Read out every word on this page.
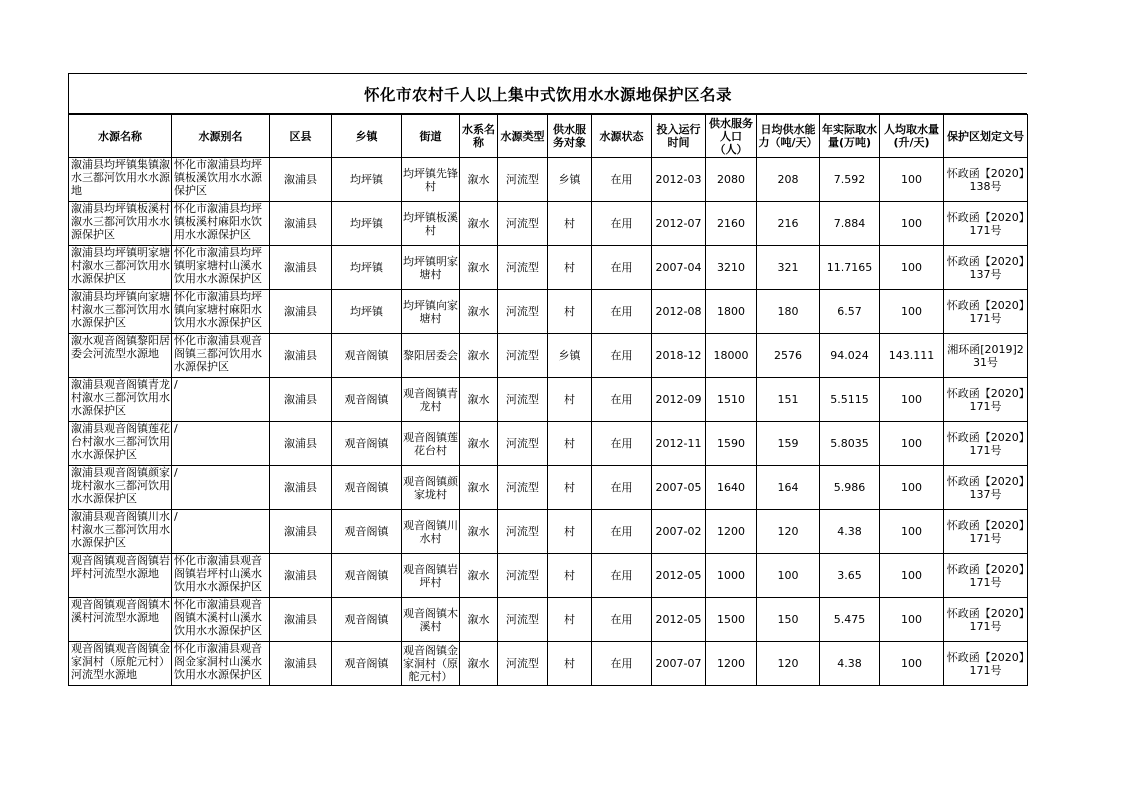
怀化市农村千人以上集中式饮用水水源地保护区名录
水源名称	水源别名	区县	乡镇	街道	水系名称	水源类型	供水服务对象	水源状态	投入运行时间	供水服务人口（人）	日均供水能力（吨/天）	年实际取水量(万吨)	人均取水量(升/天)	保护区划定文号
溆浦县均坪镇集镇溆水三都河饮用水水源地	怀化市溆浦县均坪镇板溪饮用水水源保护区	溆浦县	均坪镇	均坪镇先锋村	溆水	河流型	乡镇	在用	2012-03	2080	208	7.592	100	怀政函【2020】138号
溆浦县均坪镇板溪村溆水三都河饮用水水源保护区	怀化市溆浦县均坪镇板溪村麻阳水饮用水水源保护区	溆浦县	均坪镇	均坪镇板溪村	溆水	河流型	村	在用	2012-07	2160	216	7.884	100	怀政函【2020】171号
溆浦县均坪镇明家塘村溆水三都河饮用水水源保护区	怀化市溆浦县均坪镇明家塘村山溪水饮用水水源保护区	溆浦县	均坪镇	均坪镇明家塘村	溆水	河流型	村	在用	2007-04	3210	321	11.7165	100	怀政函【2020】137号
溆浦县均坪镇向家塘村溆水三都河饮用水水源保护区	怀化市溆浦县均坪镇向家塘村麻阳水饮用水水源保护区	溆浦县	均坪镇	均坪镇向家塘村	溆水	河流型	村	在用	2012-08	1800	180	6.57	100	怀政函【2020】171号
溆水观音阁镇黎阳居委会河流型水源地	怀化市溆浦县观音阁镇三都河饮用水水源保护区	溆浦县	观音阁镇	黎阳居委会	溆水	河流型	乡镇	在用	2018-12	18000	2576	94.024	143.111	湘环函[2019]231号
溆浦县观音阁镇青龙村溆水三都河饮用水水源保护区	/	溆浦县	观音阁镇	观音阁镇青龙村	溆水	河流型	村	在用	2012-09	1510	151	5.5115	100	怀政函【2020】171号
溆浦县观音阁镇莲花台村溆水三都河饮用水水源保护区	/	溆浦县	观音阁镇	观音阁镇莲花台村	溆水	河流型	村	在用	2012-11	1590	159	5.8035	100	怀政函【2020】171号
溆浦县观音阁镇颜家垅村溆水三都河饮用水水源保护区	/	溆浦县	观音阁镇	观音阁镇颜家垅村	溆水	河流型	村	在用	2007-05	1640	164	5.986	100	怀政函【2020】137号
溆浦县观音阁镇川水村溆水三都河饮用水水源保护区	/	溆浦县	观音阁镇	观音阁镇川水村	溆水	河流型	村	在用	2007-02	1200	120	4.38	100	怀政函【2020】171号
观音阁镇观音阁镇岩坪村河流型水源地	怀化市溆浦县观音阁镇岩坪村山溪水饮用水水源保护区	溆浦县	观音阁镇	观音阁镇岩坪村	溆水	河流型	村	在用	2012-05	1000	100	3.65	100	怀政函【2020】171号
观音阁镇观音阁镇木溪村河流型水源地	怀化市溆浦县观音阁镇木溪村山溪水饮用水水源保护区	溆浦县	观音阁镇	观音阁镇木溪村	溆水	河流型	村	在用	2012-05	1500	150	5.475	100	怀政函【2020】171号
观音阁镇观音阁镇金家洞村（原舵元村）河流型水源地	怀化市溆浦县观音阁金家洞村山溪水饮用水水源保护区	溆浦县	观音阁镇	观音阁镇金家洞村（原舵元村）	溆水	河流型	村	在用	2007-07	1200	120	4.38	100	怀政函【2020】171号
